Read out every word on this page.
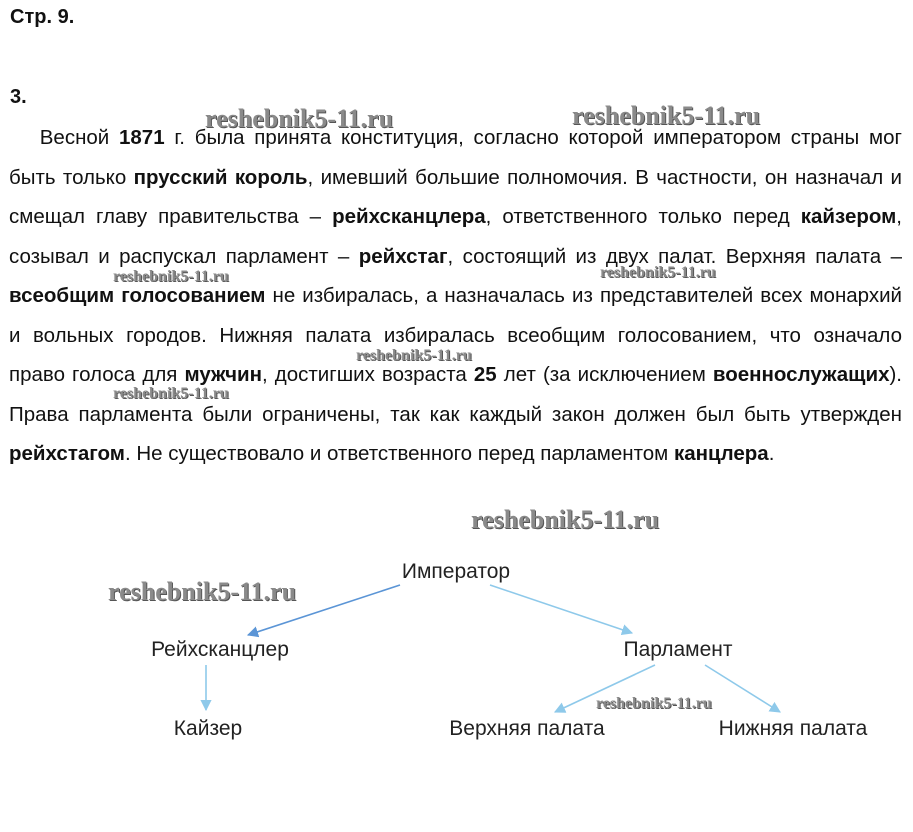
Стр. 9.
3.

  Весной 1871 г. была принята конституция, согласно которой императором страны мог быть только прусский король, имевший большие полномочия. В частности, он назначал и смещал главу правительства – рейхсканцлера, ответственного только перед кайзером, созывал и распускал парламент – рейхстаг, состоящий из двух палат. Верхняя палата – всеобщим голосованием не избиралась, а назначалась из представителей всех монархий и вольных городов. Нижняя палата избиралась всеобщим голосованием, что означало право голоса для мужчин, достигших возраста 25 лет (за исключением военнослужащих). Права парламента были ограничены, так как каждый закон должен был быть утвержден рейхстагом. Не существовало и ответственного перед парламентом канцлера.

Император
Рейхсканцлер	Парламент
Кайзер	Верхняя палата	Нижняя палата
reshebnik5-11.ru	reshebnik5-11.ru
reshebnik5-11.ru	reshebnik5-11.ru
reshebnik5-11.ru
reshebnik5-11.ru
reshebnik5-11.ru
reshebnik5-11.ru
reshebnik5-11.ru
